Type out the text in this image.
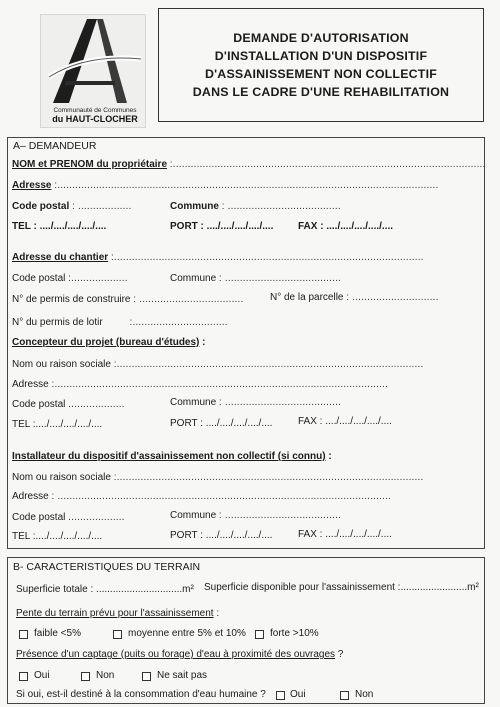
Communauté de Communes
du HAUT-CLOCHER
DEMANDE D'AUTORISATION
D'INSTALLATION D'UN DISPOSITIF
D'ASSAINISSEMENT NON COLLECTIF
DANS LE CADRE D'UNE REHABILITATION
A– DEMANDEUR
NOM et PRENOM du propriétaire :.........................................................................................................
Adresse :................................................................................................................................
Code postal : ..................	Commune : ......................................
TEL : ..../..../..../..../....	PORT : ..../..../..../..../.... FAX : ..../..../..../..../....
Adresse du chantier :........................................................................................................
Code postal :...................	Commune : .......................................
N° de permis de construire : ...................................	N° de la parcelle : .............................
N° du permis de lotir	:................................
Concepteur du projet (bureau d'études) :
Nom ou raison sociale :.......................................................................................................
Adresse :................................................................................................................
Code postal ...................	Commune : .......................................
TEL :..../..../..../..../....	PORT : ..../..../..../..../....	FAX : ..../..../..../..../....
Installateur du dispositif d'assainissement non collectif (si connu) :
Nom ou raison sociale :.......................................................................................................
Adresse : ................................................................................................................
Code postal ...................	Commune : .......................................
TEL :..../..../..../..../....	PORT : ..../..../..../..../....	FAX : ..../..../..../..../....
B- CARACTERISTIQUES DU TERRAIN
Superficie totale : ...............................m² Superficie disponible pour l'assainissement :........................m²
Pente du terrain prévu pour l'assainissement :
faible <5%	moyenne entre 5% et 10% forte >10%
Présence d'un captage (puits ou forage) d'eau à proximité des ouvrages ?
Oui	Non	Ne sait pas
Si oui, est-il destiné à la consommation d'eau humaine ? Oui	Non
